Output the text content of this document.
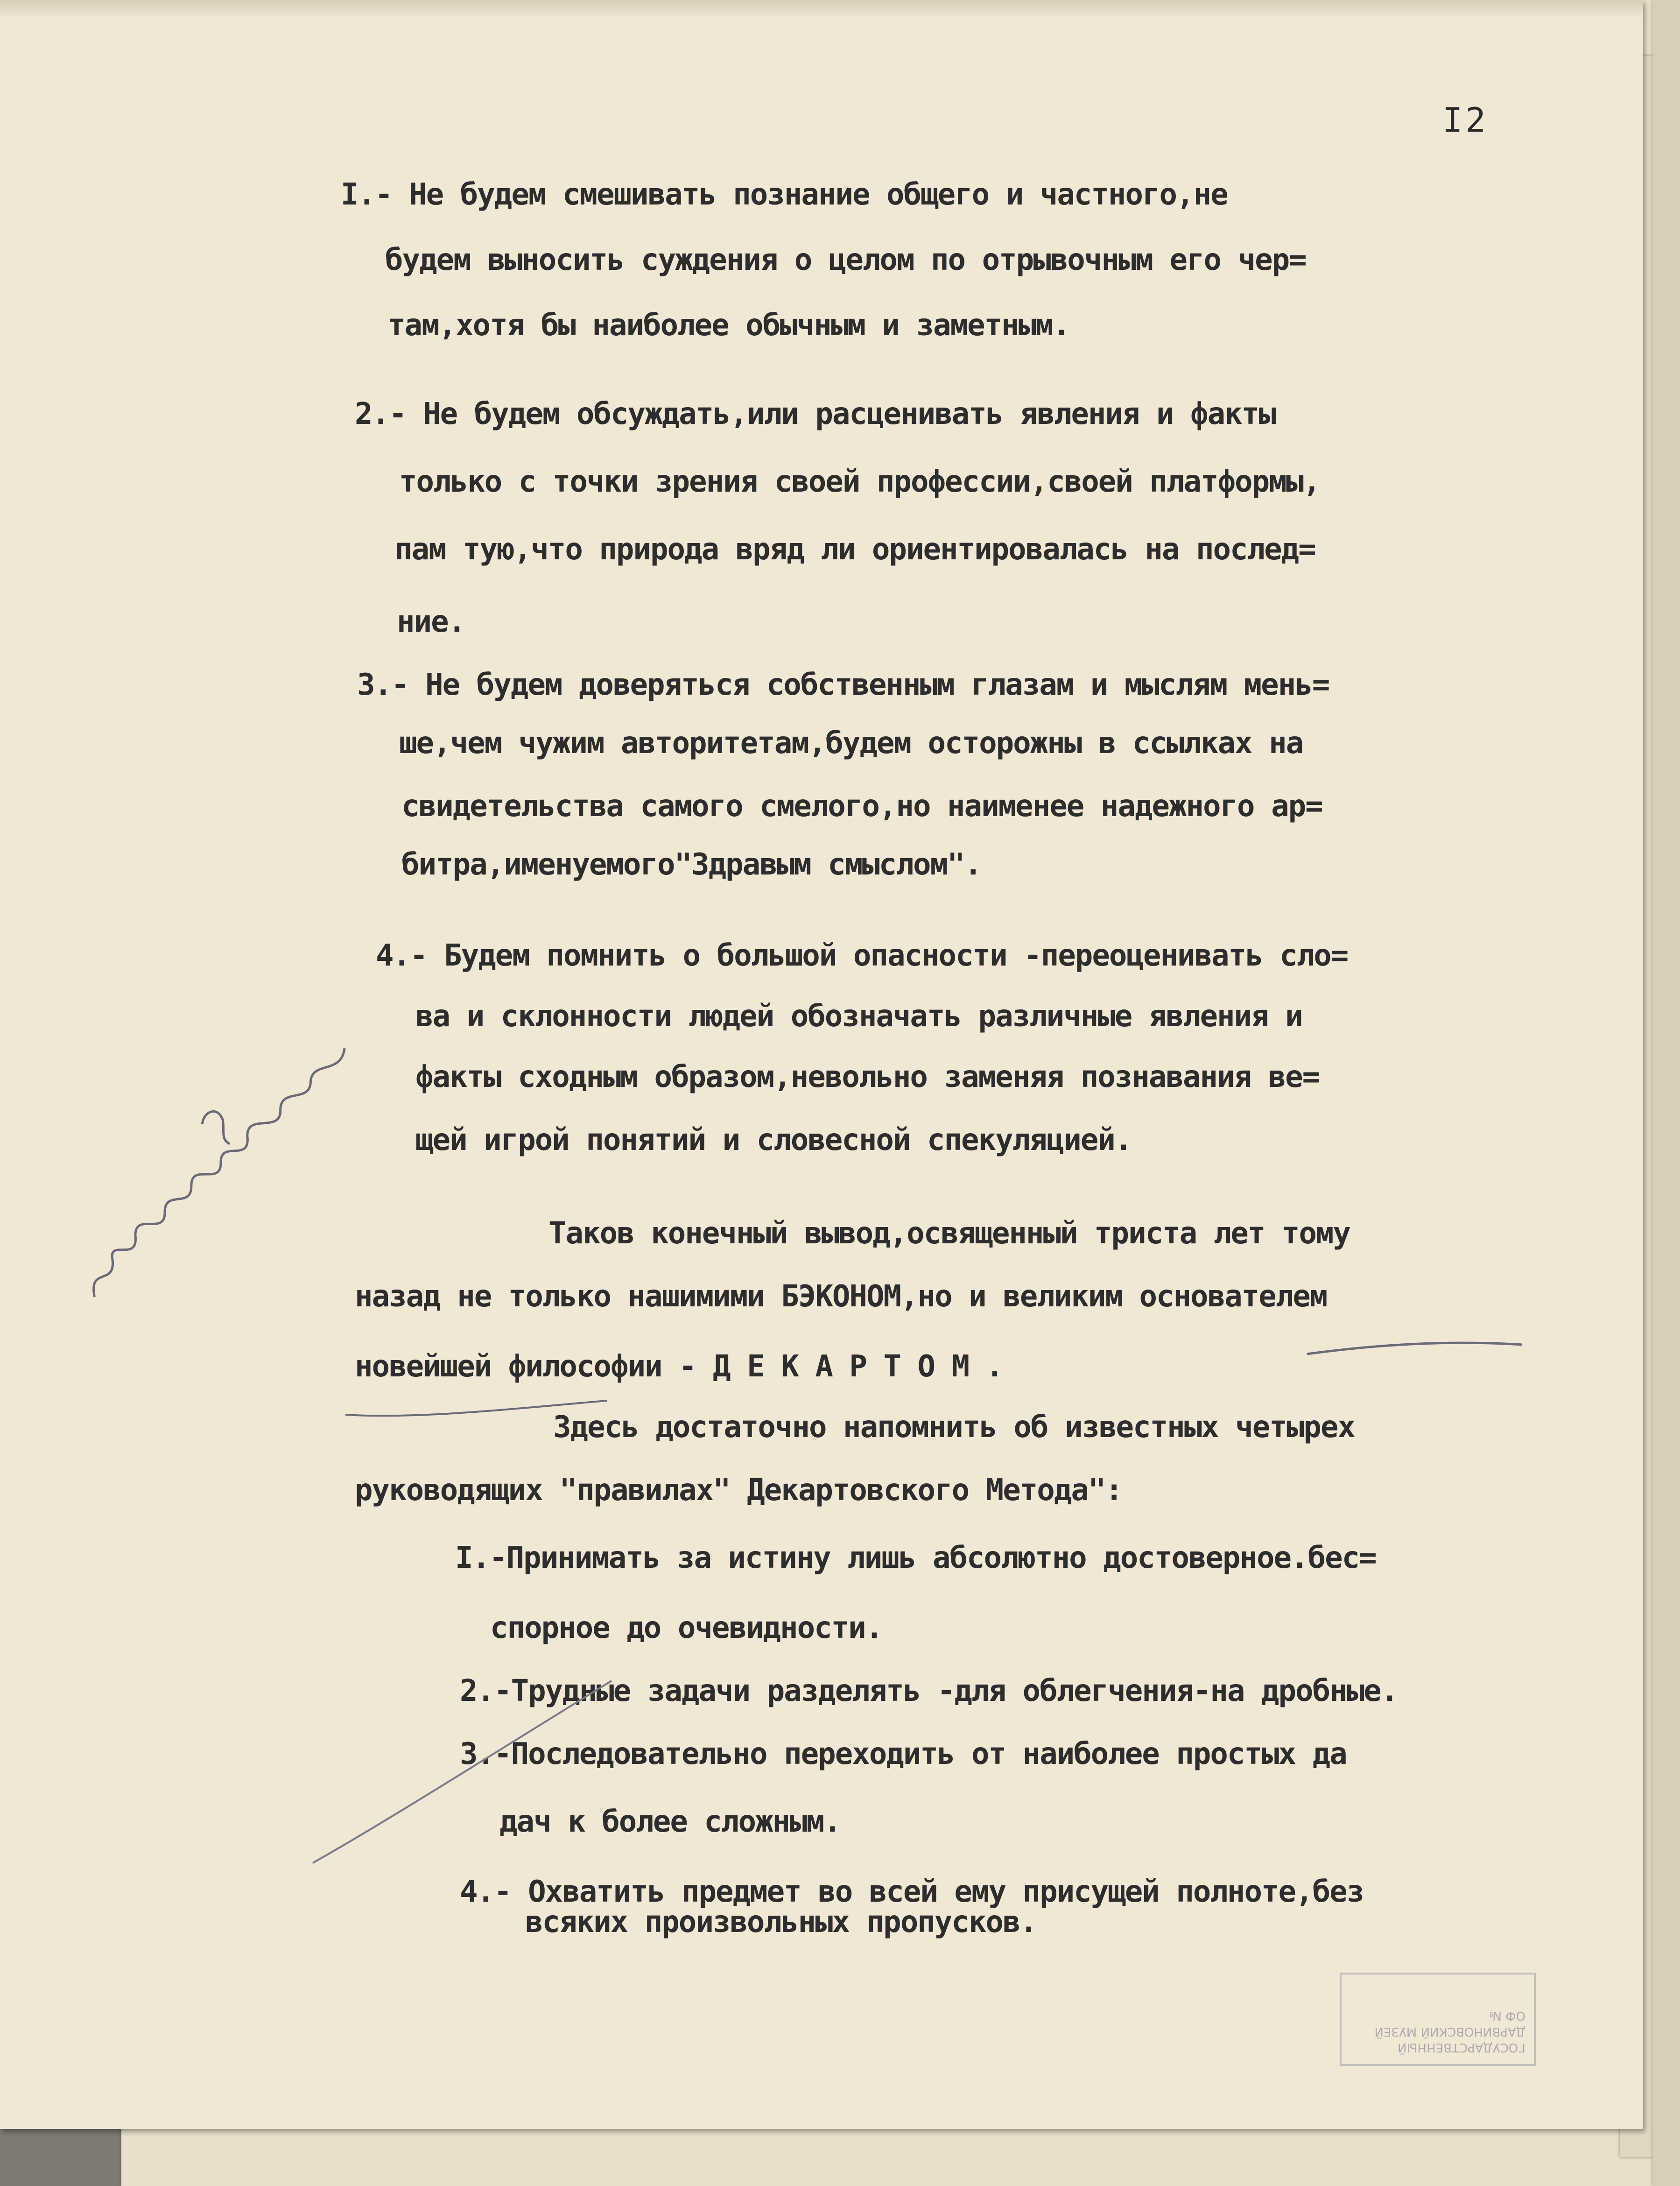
I2
I.- Не будем смешивать познание общего и частного,не
будем выносить суждения о целом по отрывочным его чер=
там,хотя бы наиболее обычным и заметным.
2.- Не будем обсуждать,или расценивать явления и факты
только с точки зрения своей профессии,своей платформы,
пам тую,что природа вряд ли ориентировалась на послед=
ние.
3.- Не будем доверяться собственным глазам и мыслям мень=
ше,чем чужим авторитетам,будем осторожны в ссылках на
свидетельства самого смелого,но наименее надежного ар=
битра,именуемого"Здравым смыслом".
4.- Будем помнить о большой опасности -переоценивать сло=
ва и склонности людей обозначать различные явления и
факты сходным образом,невольно заменяя познавания ве=
щей игрой понятий и словесной спекуляцией.
Таков конечный вывод,освященный триста лет тому
назад не только нашимими БЭКОНОМ,но и великим основателем
новейшей философии - Д Е К А Р Т О М .
Здесь достаточно напомнить об известных четырех
руководящих "правилах" Декартовского Метода":
I.-Принимать за истину лишь абсолютно достоверное.бес=
спорное до очевидности.
2.-Трудные задачи разделять -для облегчения-на дробные.
3.-Последовательно переходить от наиболее простых да
дач к более сложным.
4.- Охватить предмет во всей ему присущей полноте,без
всяких произвольных пропусков.
ГОСУДАРСТВЕННЫЙ
ДАРВИНОВСКИЙ МУЗЕЙ
ОФ №
